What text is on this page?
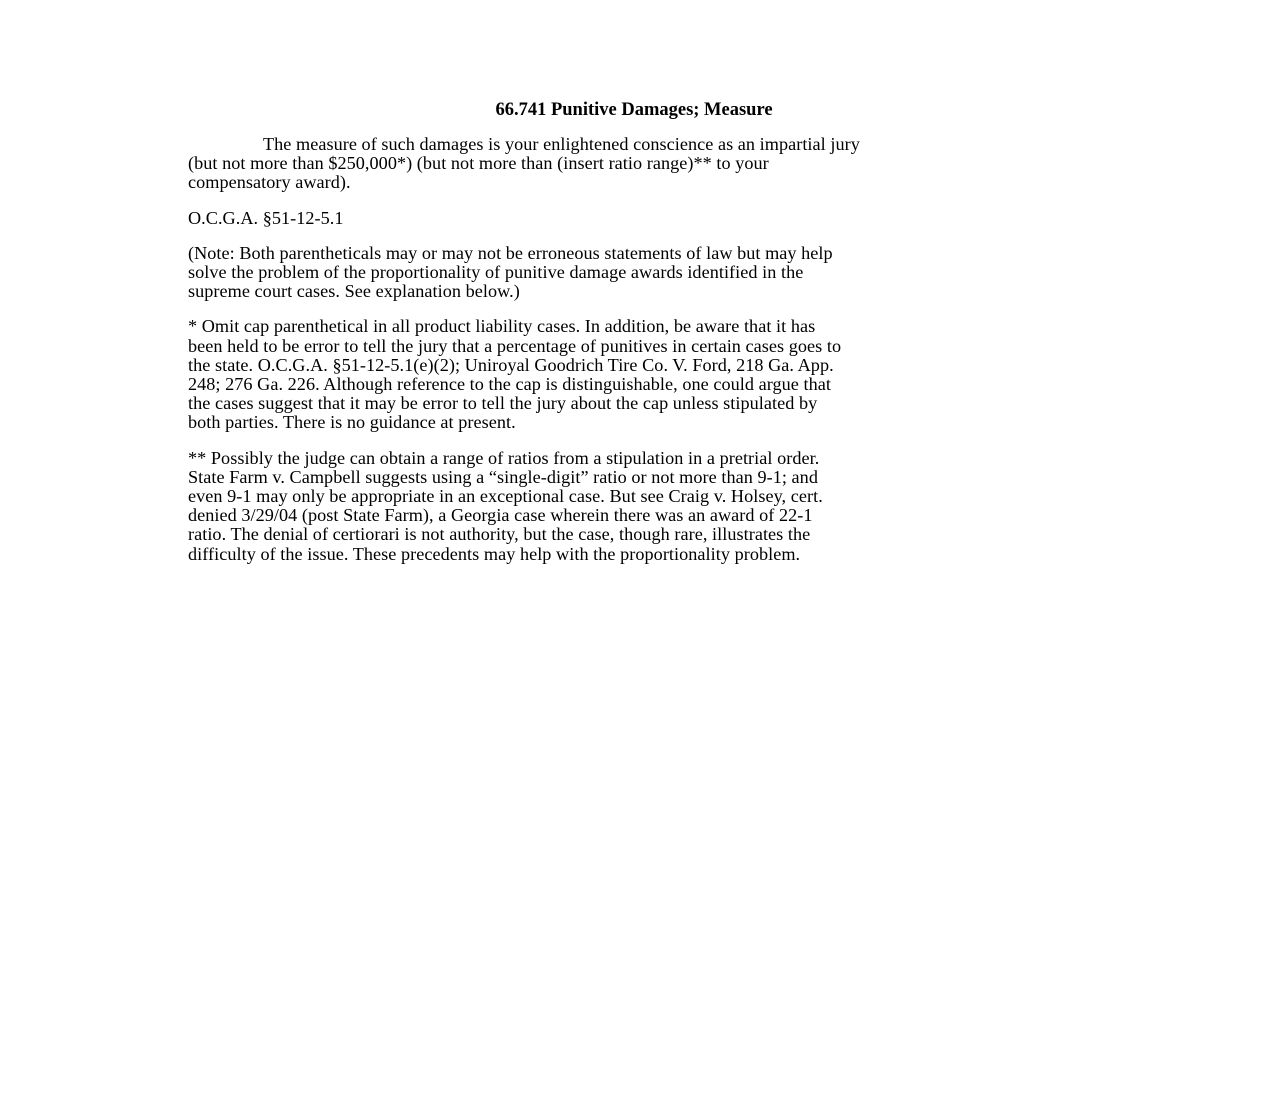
66.741 Punitive Damages; Measure
The measure of such damages is your enlightened conscience as an impartial jury
(but not more than $250,000*) (but not more than (insert ratio range)** to your
compensatory award).
O.C.G.A. §51-12-5.1
(Note: Both parentheticals may or may not be erroneous statements of law but may help
solve the problem of the proportionality of punitive damage awards identified in the
supreme court cases. See explanation below.)
* Omit cap parenthetical in all product liability cases. In addition, be aware that it has
been held to be error to tell the jury that a percentage of punitives in certain cases goes to
the state. O.C.G.A. §51-12-5.1(e)(2); Uniroyal Goodrich Tire Co. V. Ford, 218 Ga. App.
248; 276 Ga. 226. Although reference to the cap is distinguishable, one could argue that
the cases suggest that it may be error to tell the jury about the cap unless stipulated by
both parties. There is no guidance at present.
** Possibly the judge can obtain a range of ratios from a stipulation in a pretrial order.
State Farm v. Campbell suggests using a “single-digit” ratio or not more than 9-1; and
even 9-1 may only be appropriate in an exceptional case. But see Craig v. Holsey, cert.
denied 3/29/04 (post State Farm), a Georgia case wherein there was an award of 22-1
ratio. The denial of certiorari is not authority, but the case, though rare, illustrates the
difficulty of the issue. These precedents may help with the proportionality problem.
